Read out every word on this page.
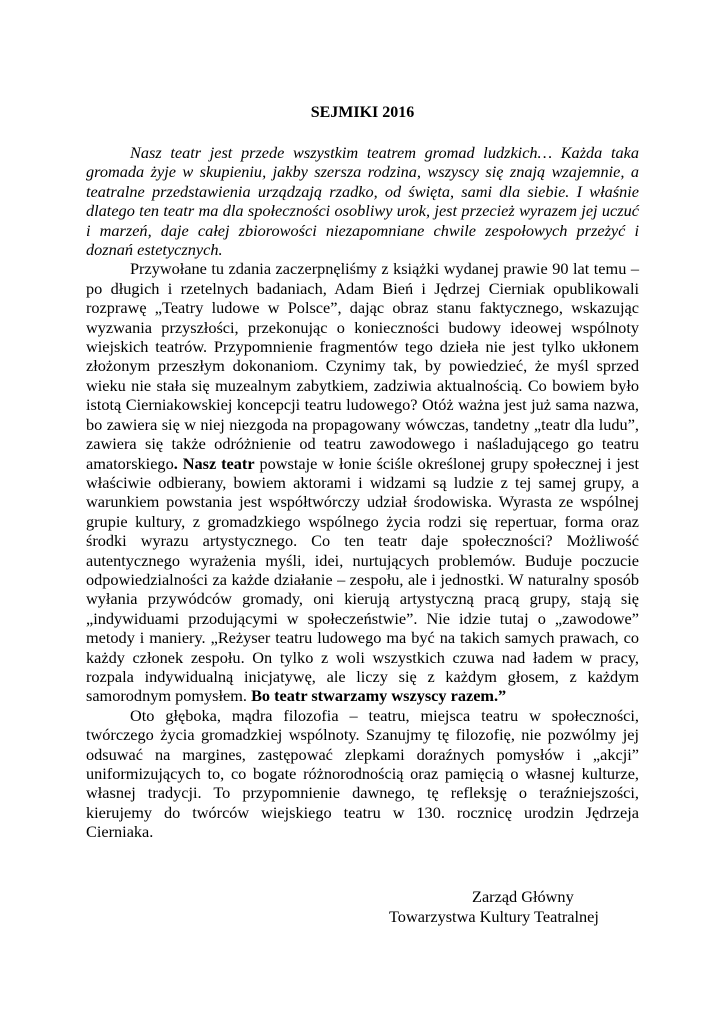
SEJMIKI 2016

Nasz teatr jest przede wszystkim teatrem gromad ludzkich… Każda taka gromada żyje w skupieniu, jakby szersza rodzina, wszyscy się znają wzajemnie, a teatralne przedstawienia urządzają rzadko, od święta, sami dla siebie. I właśnie dlatego ten teatr ma dla społeczności osobliwy urok, jest przecież wyrazem jej uczuć i marzeń, daje całej zbiorowości niezapomniane chwile zespołowych przeżyć i doznań estetycznych.

Przywołane tu zdania zaczerpnęliśmy z książki wydanej prawie 90 lat temu – po długich i rzetelnych badaniach, Adam Bień i Jędrzej Cierniak opublikowali rozprawę „Teatry ludowe w Polsce”, dając obraz stanu faktycznego, wskazując wyzwania przyszłości, przekonując o konieczności budowy ideowej wspólnoty wiejskich teatrów. Przypomnienie fragmentów tego dzieła nie jest tylko ukłonem złożonym przeszłym dokonaniom. Czynimy tak, by powiedzieć, że myśl sprzed wieku nie stała się muzealnym zabytkiem, zadziwia aktualnością. Co bowiem było istotą Cierniakowskiej koncepcji teatru ludowego? Otóż ważna jest już sama nazwa, bo zawiera się w niej niezgoda na propagowany wówczas, tandetny „teatr dla ludu”, zawiera się także odróżnienie od teatru zawodowego i naśladującego go teatru amatorskiego. Nasz teatr powstaje w łonie ściśle określonej grupy społecznej i jest właściwie odbierany, bowiem aktorami i widzami są ludzie z tej samej grupy, a warunkiem powstania jest współtwórczy udział środowiska. Wyrasta ze wspólnej grupie kultury, z gromadzkiego wspólnego życia rodzi się repertuar, forma oraz środki wyrazu artystycznego. Co ten teatr daje społeczności? Możliwość autentycznego wyrażenia myśli, idei, nurtujących problemów. Buduje poczucie odpowiedzialności za każde działanie – zespołu, ale i jednostki. W naturalny sposób wyłania przywódców gromady, oni kierują artystyczną pracą grupy, stają się „indywiduami przodującymi w społeczeństwie”. Nie idzie tutaj o „zawodowe” metody i maniery. „Reżyser teatru ludowego ma być na takich samych prawach, co każdy członek zespołu. On tylko z woli wszystkich czuwa nad ładem w pracy, rozpala indywidualną inicjatywę, ale liczy się z każdym głosem, z każdym samorodnym pomysłem. Bo teatr stwarzamy wszyscy razem.”

Oto głęboka, mądra filozofia – teatru, miejsca teatru w społeczności, twórczego życia gromadzkiej wspólnoty. Szanujmy tę filozofię, nie pozwólmy jej odsuwać na margines, zastępować zlepkami doraźnych pomysłów i „akcji” uniformizujących to, co bogate różnorodnością oraz pamięcią o własnej kulturze, własnej tradycji. To przypomnienie dawnego, tę refleksję o teraźniejszości, kierujemy do twórców wiejskiego teatru w 130. rocznicę urodzin Jędrzeja Cierniaka.

Zarząd Główny
Towarzystwa Kultury Teatralnej
